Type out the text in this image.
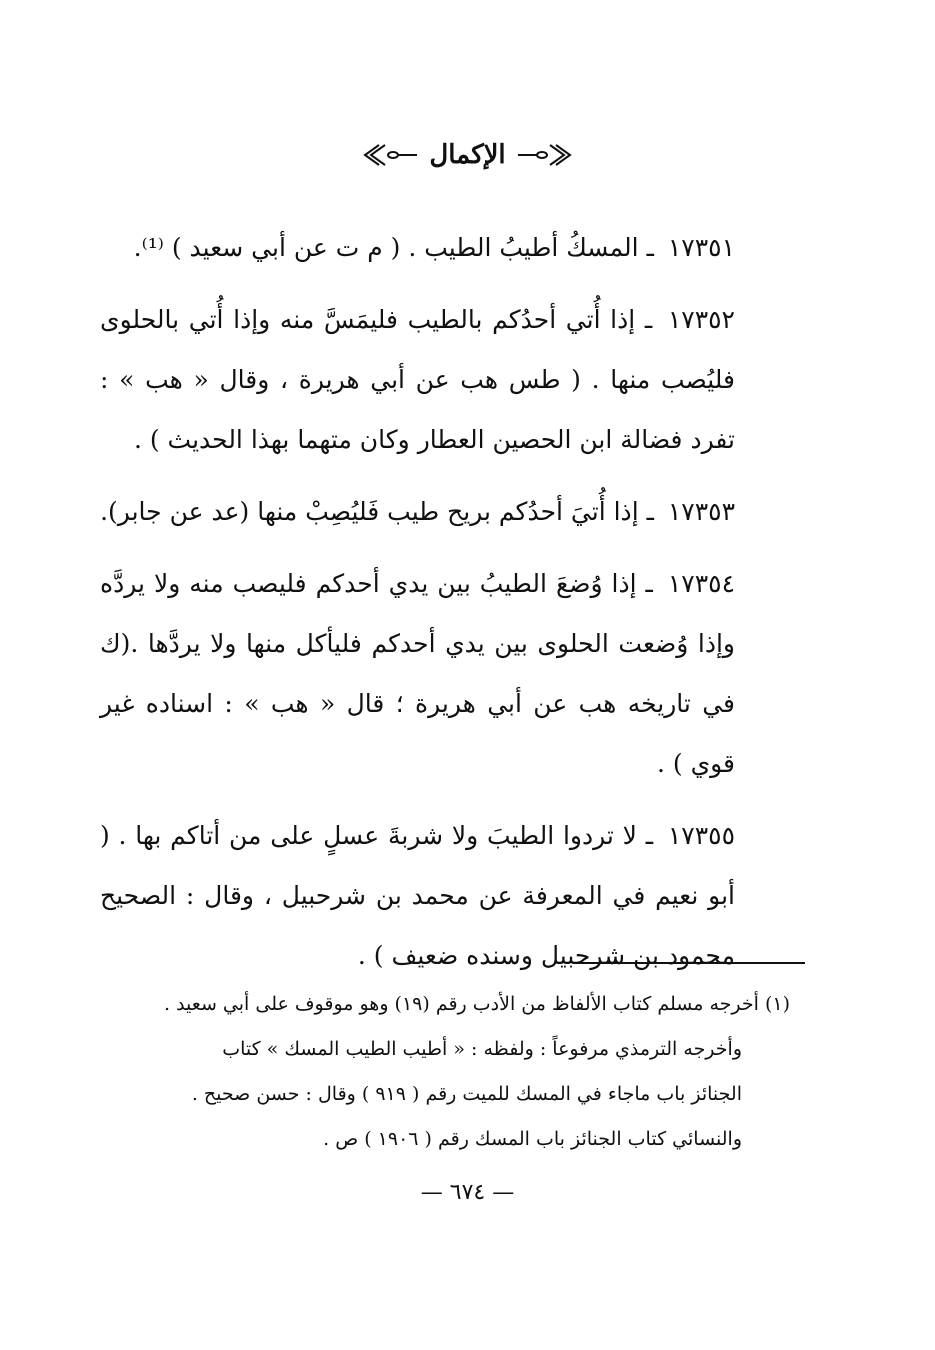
الإكمال

١٧٣٥١ ـ المسكُ أطيبُ الطيب . ( م ت عن أبي سعيد ) ⁽¹⁾.

١٧٣٥٢ ـ إذا أُتي أحدُكم بالطيب فليمَسَّ منه وإذا أُتي بالحلوى فليُصب منها . ( طس هب عن أبي هريرة ، وقال « هب » : تفرد فضالة ابن الحصين العطار وكان متهما بهذا الحديث ) .

١٧٣٥٣ ـ إذا أُتيَ أحدُكم بريح طيب فَليُصِبْ منها (عد عن جابر).

١٧٣٥٤ ـ إذا وُضعَ الطيبُ بين يدي أحدكم فليصب منه ولا يردَّه وإذا وُضعت الحلوى بين يدي أحدكم فليأكل منها ولا يردَّها .(ك في تاريخه هب عن أبي هريرة ؛ قال « هب » : اسناده غير قوي ) .

١٧٣٥٥ ـ لا تردوا الطيبَ ولا شربةَ عسلٍ على من أتاكم بها . ( أبو نعيم في المعرفة عن محمد بن شرحبيل ، وقال : الصحيح محمود بن شرحبيل وسنده ضعيف ) .

(١) أخرجه مسلم كتاب الألفاظ من الأدب رقم (١٩) وهو موقوف على أبي سعيد .
وأخرجه الترمذي مرفوعاً : ولفظه : « أطيب الطيب المسك » كتاب
الجنائز باب ماجاء في المسك للميت رقم ( ٩١٩ ) وقال : حسن صحيح .
والنسائي كتاب الجنائز باب المسك رقم ( ١٩٠٦ ) ص .
— ٦٧٤ —
